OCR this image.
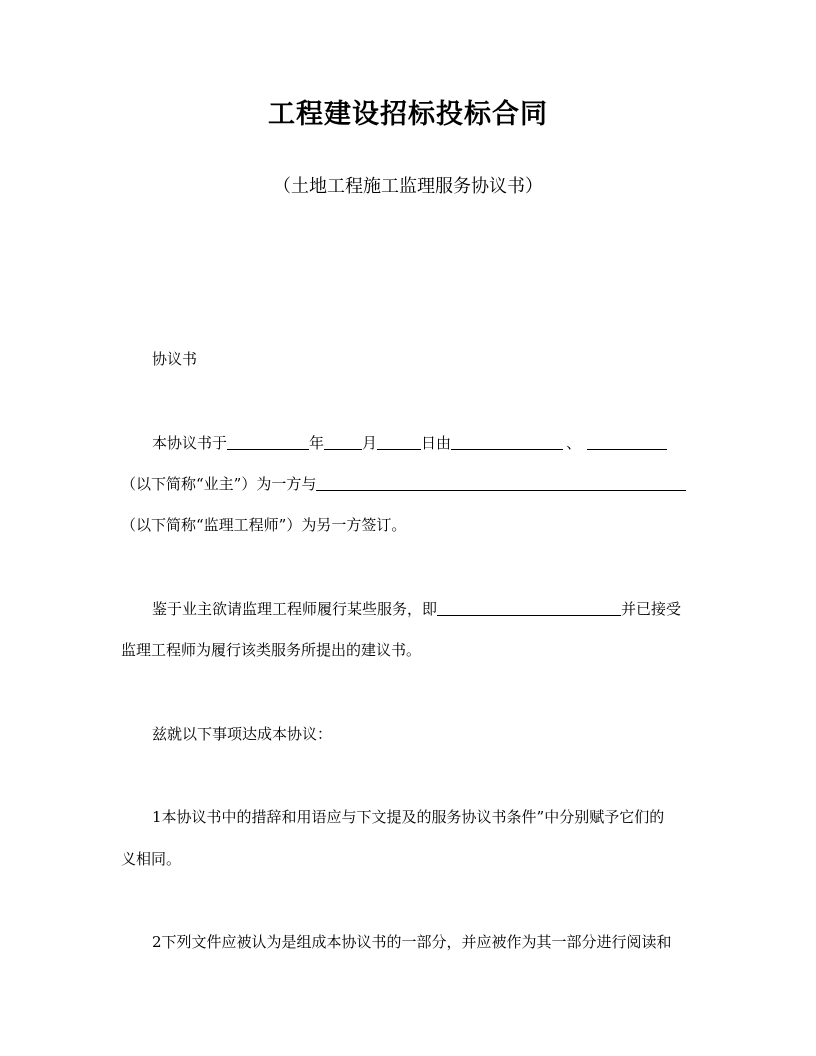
工程建设招标投标合同
（土地工程施工监理服务协议书）
协议书
本协议书于	年	月	日由	、
（以下简称“业主”）为一方与
（以下简称“监理工程师”）为另一方签订。
鉴于业主欲请监理工程师履行某些服务，即	并已接受
监理工程师为履行该类服务所提出的建议书。
兹就以下事项达成本协议：
1本协议书中的措辞和用语应与下文提及的服务协议书条件”中分别赋予它们的
义相同。
2下列文件应被认为是组成本协议书的一部分，并应被作为其一部分进行阅读和
